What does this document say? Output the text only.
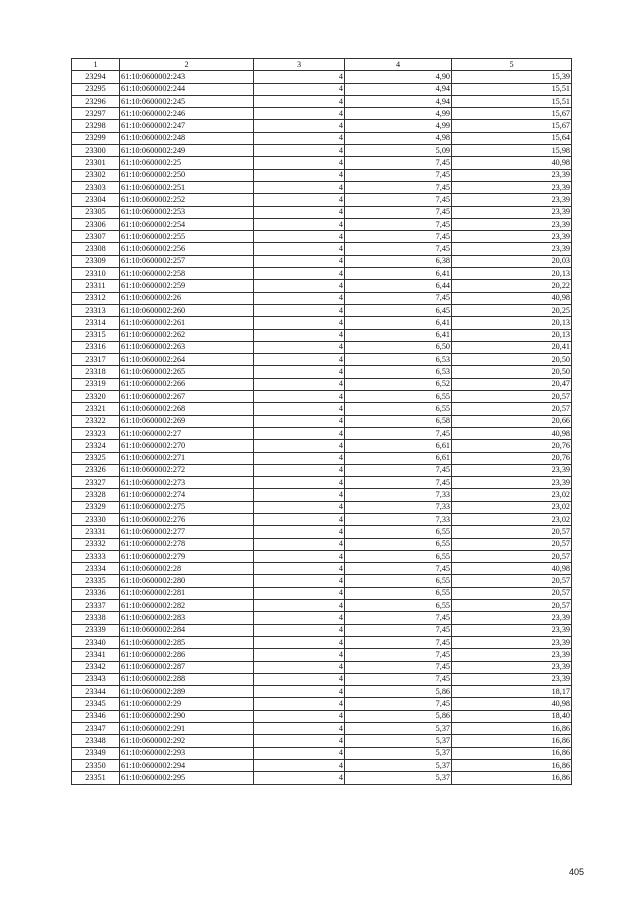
1	2	3	4	5
23294	61:10:0600002:243	4	4,90	15,39
23295	61:10:0600002:244	4	4,94	15,51
23296	61:10:0600002:245	4	4,94	15,51
23297	61:10:0600002:246	4	4,99	15,67
23298	61:10:0600002:247	4	4,99	15,67
23299	61:10:0600002:248	4	4,98	15,64
23300	61:10:0600002:249	4	5,09	15,98
23301	61:10:0600002:25	4	7,45	40,98
23302	61:10:0600002:250	4	7,45	23,39
23303	61:10:0600002:251	4	7,45	23,39
23304	61:10:0600002:252	4	7,45	23,39
23305	61:10:0600002:253	4	7,45	23,39
23306	61:10:0600002:254	4	7,45	23,39
23307	61:10:0600002:255	4	7,45	23,39
23308	61:10:0600002:256	4	7,45	23,39
23309	61:10:0600002:257	4	6,38	20,03
23310	61:10:0600002:258	4	6,41	20,13
23311	61:10:0600002:259	4	6,44	20,22
23312	61:10:0600002:26	4	7,45	40,98
23313	61:10:0600002:260	4	6,45	20,25
23314	61:10:0600002:261	4	6,41	20,13
23315	61:10:0600002:262	4	6,41	20,13
23316	61:10:0600002:263	4	6,50	20,41
23317	61:10:0600002:264	4	6,53	20,50
23318	61:10:0600002:265	4	6,53	20,50
23319	61:10:0600002:266	4	6,52	20,47
23320	61:10:0600002:267	4	6,55	20,57
23321	61:10:0600002:268	4	6,55	20,57
23322	61:10:0600002:269	4	6,58	20,66
23323	61:10:0600002:27	4	7,45	40,98
23324	61:10:0600002:270	4	6,61	20,76
23325	61:10:0600002:271	4	6,61	20,76
23326	61:10:0600002:272	4	7,45	23,39
23327	61:10:0600002:273	4	7,45	23,39
23328	61:10:0600002:274	4	7,33	23,02
23329	61:10:0600002:275	4	7,33	23,02
23330	61:10:0600002:276	4	7,33	23,02
23331	61:10:0600002:277	4	6,55	20,57
23332	61:10:0600002:278	4	6,55	20,57
23333	61:10:0600002:279	4	6,55	20,57
23334	61:10:0600002:28	4	7,45	40,98
23335	61:10:0600002:280	4	6,55	20,57
23336	61:10:0600002:281	4	6,55	20,57
23337	61:10:0600002:282	4	6,55	20,57
23338	61:10:0600002:283	4	7,45	23,39
23339	61:10:0600002:284	4	7,45	23,39
23340	61:10:0600002:285	4	7,45	23,39
23341	61:10:0600002:286	4	7,45	23,39
23342	61:10:0600002:287	4	7,45	23,39
23343	61:10:0600002:288	4	7,45	23,39
23344	61:10:0600002:289	4	5,86	18,17
23345	61:10:0600002:29	4	7,45	40,98
23346	61:10:0600002:290	4	5,86	18,40
23347	61:10:0600002:291	4	5,37	16,86
23348	61:10:0600002:292	4	5,37	16,86
23349	61:10:0600002:293	4	5,37	16,86
23350	61:10:0600002:294	4	5,37	16,86
23351	61:10:0600002:295	4	5,37	16,86
405
